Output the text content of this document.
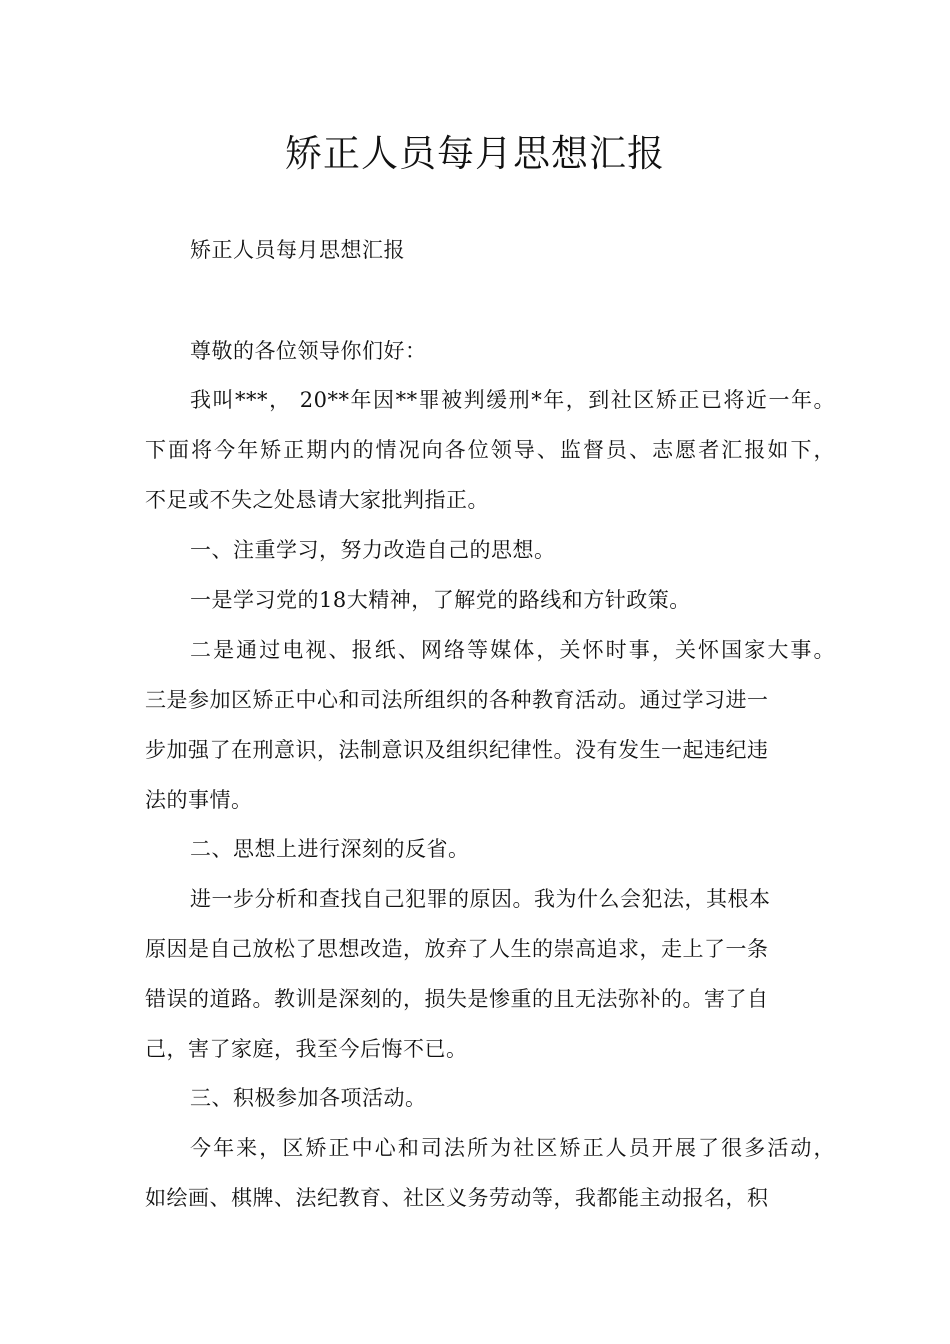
矫正人员每月思想汇报
矫正人员每月思想汇报
尊敬的各位领导你们好：
我叫***， 20**年因**罪被判缓刑*年，到社区矫正已将近一年。
下面将今年矫正期内的情况向各位领导、监督员、志愿者汇报如下，
不足或不失之处恳请大家批判指正。
一、注重学习，努力改造自己的思想。
一是学习党的18大精神，了解党的路线和方针政策。
二是通过电视、报纸、网络等媒体，关怀时事，关怀国家大事。
三是参加区矫正中心和司法所组织的各种教育活动。通过学习进一
步加强了在刑意识，法制意识及组织纪律性。没有发生一起违纪违
法的事情。
二、思想上进行深刻的反省。
进一步分析和查找自己犯罪的原因。我为什么会犯法，其根本
原因是自己放松了思想改造，放弃了人生的崇高追求，走上了一条
错误的道路。教训是深刻的，损失是惨重的且无法弥补的。害了自
己，害了家庭，我至今后悔不已。
三、积极参加各项活动。
今年来，区矫正中心和司法所为社区矫正人员开展了很多活动，
如绘画、棋牌、法纪教育、社区义务劳动等，我都能主动报名，积
